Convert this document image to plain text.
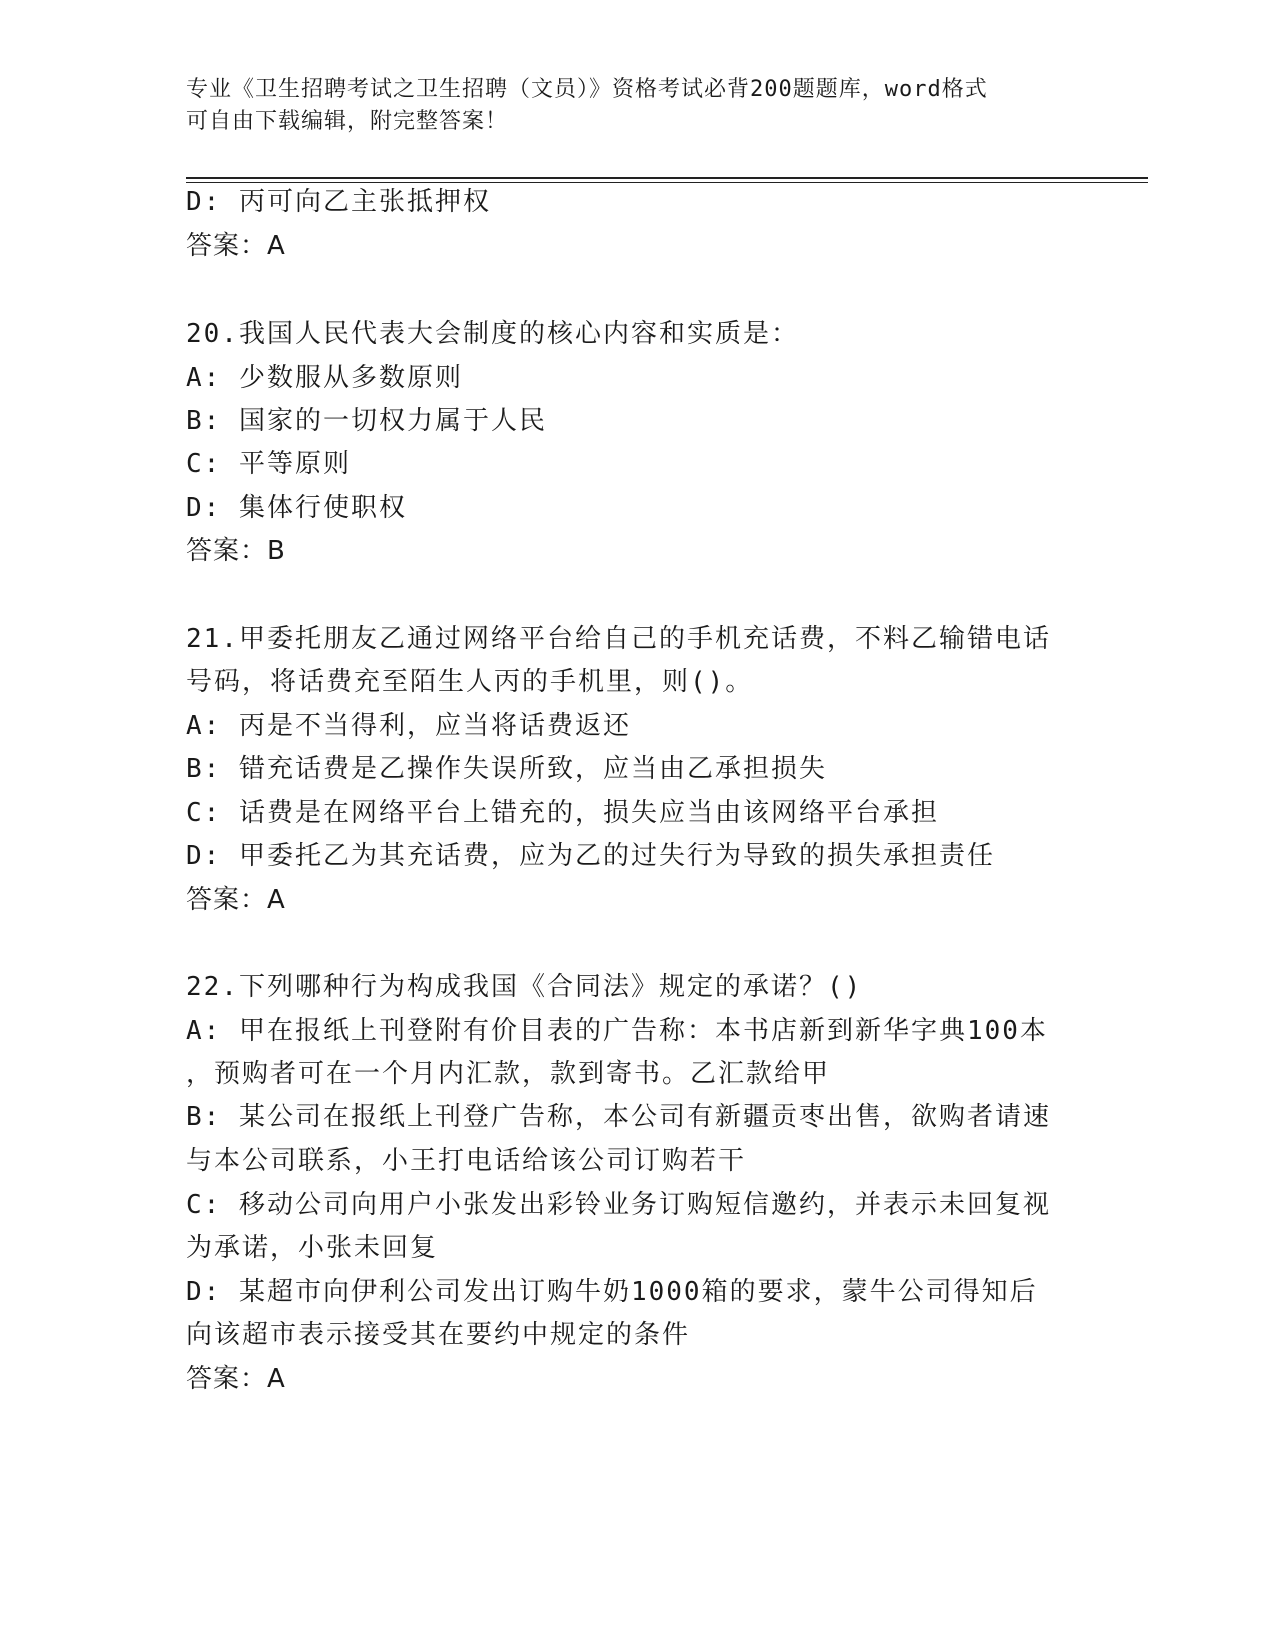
专业《卫生招聘考试之卫生招聘（文员）》资格考试必背200题题库，word格式
可自由下载编辑，附完整答案！
D: 丙可向乙主张抵押权
答案：A
20.我国人民代表大会制度的核心内容和实质是：
A: 少数服从多数原则
B: 国家的一切权力属于人民
C: 平等原则
D: 集体行使职权
答案：B
21.甲委托朋友乙通过网络平台给自己的手机充话费，不料乙输错电话
号码，将话费充至陌生人丙的手机里，则()。
A: 丙是不当得利，应当将话费返还
B: 错充话费是乙操作失误所致，应当由乙承担损失
C: 话费是在网络平台上错充的，损失应当由该网络平台承担
D: 甲委托乙为其充话费，应为乙的过失行为导致的损失承担责任
答案：A
22.下列哪种行为构成我国《合同法》规定的承诺？()
A: 甲在报纸上刊登附有价目表的广告称：本书店新到新华字典100本
，预购者可在一个月内汇款，款到寄书。乙汇款给甲
B: 某公司在报纸上刊登广告称，本公司有新疆贡枣出售，欲购者请速
与本公司联系，小王打电话给该公司订购若干
C: 移动公司向用户小张发出彩铃业务订购短信邀约，并表示未回复视
为承诺，小张未回复
D: 某超市向伊利公司发出订购牛奶1000箱的要求，蒙牛公司得知后
向该超市表示接受其在要约中规定的条件
答案：A
